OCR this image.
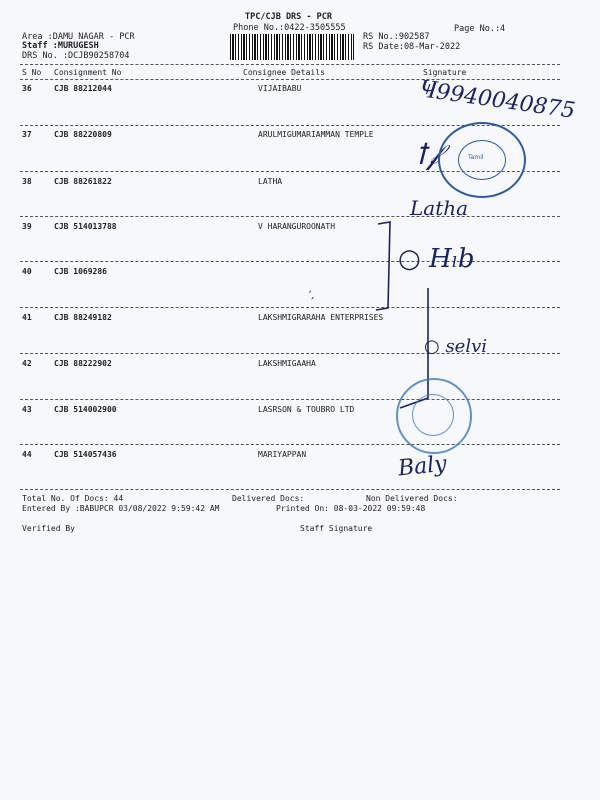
TPC/CJB DRS - PCR
Phone No.:0422-3505555	Page No.:4
Area :DAMU NAGAR - PCR
Staff :MURUGESH
DRS No. :DCJB90258704
RS No.:902587
RS Date:08-Mar-2022
S No Consignment No	Consignee Details	Signature
36	CJB 88212044	VIJAIBABU
37	CJB 88220809	ARULMIGUMARIAMMAN TEMPLE
38	CJB 88261822	LATHA
39	CJB 514013788	V HARANGUROONATH
40	CJB 1069286
41	CJB 88249182	LAKSHMIGRARAHA ENTERPRISES
42	CJB 88222902	LAKSHMIGAAHA
43	CJB 514002900	LASRSON & TOUBRO LTD
44	CJB 514057436	MARIYAPPAN
Ҹ9940040875
ꝉ𝒻	Tamil
Latha
○ Hₗb
ʼ,
○ selvi
Baly
Total No. Of Docs: 44	Delivered Docs:	Non Delivered Docs:
Entered By :BABUPCR 03/08/2022 9:59:42 AM	Printed On: 08-03-2022 09:59:48
Verified By	Staff Signature
